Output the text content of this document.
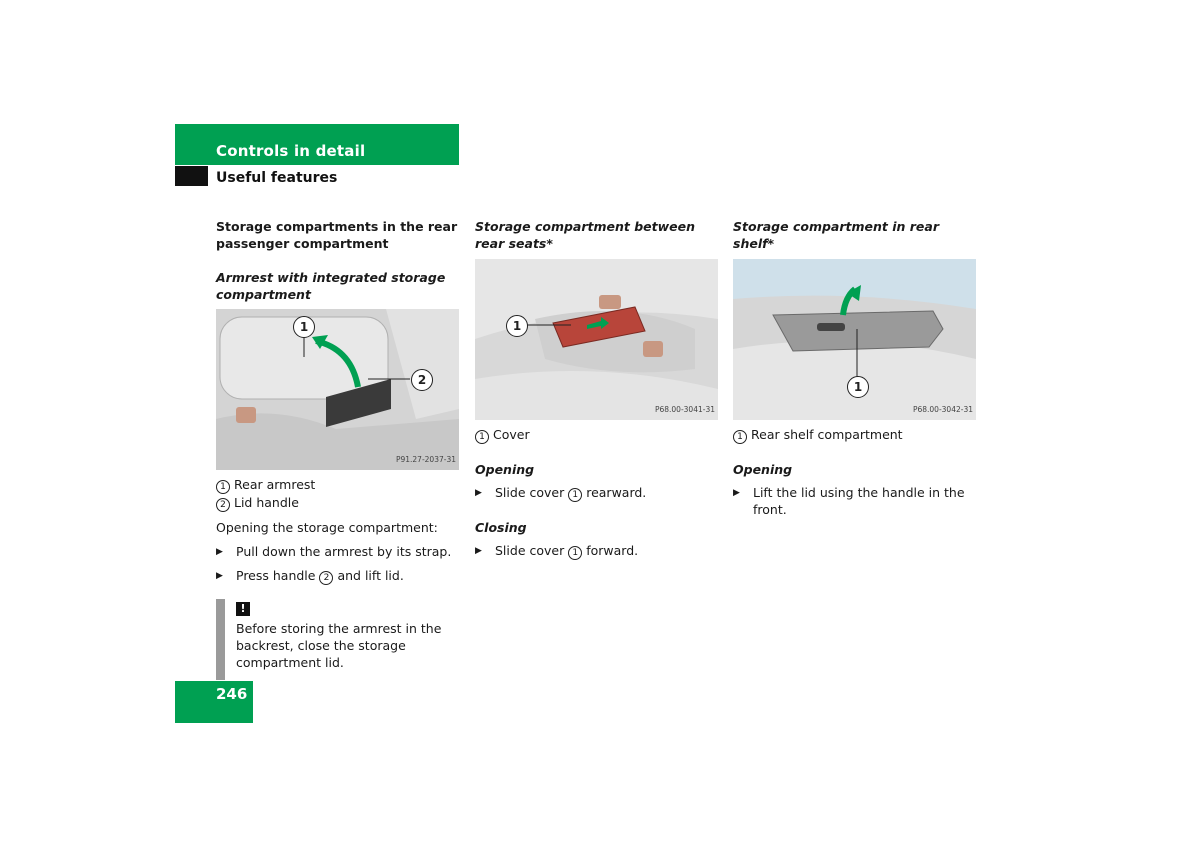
Controls in detail
Useful features
Storage compartments in the rear passenger compartment
Armrest with integrated storage compartment
1
2
P91.27-2037-31
1 Rear armrest
2 Lid handle
Opening the storage compartment:
▶ Pull down the armrest by its strap.
▶ Press handle 2 and lift lid.
!
Before storing the armrest in the backrest, close the storage compartment lid.
Storage compartment between rear seats*
1
P68.00-3041-31
1 Cover
Opening
▶ Slide cover 1 rearward.
Closing
▶ Slide cover 1 forward.
Storage compartment in rear shelf*
1
P68.00-3042-31
1 Rear shelf compartment
Opening
▶ Lift the lid using the handle in the front.
246
